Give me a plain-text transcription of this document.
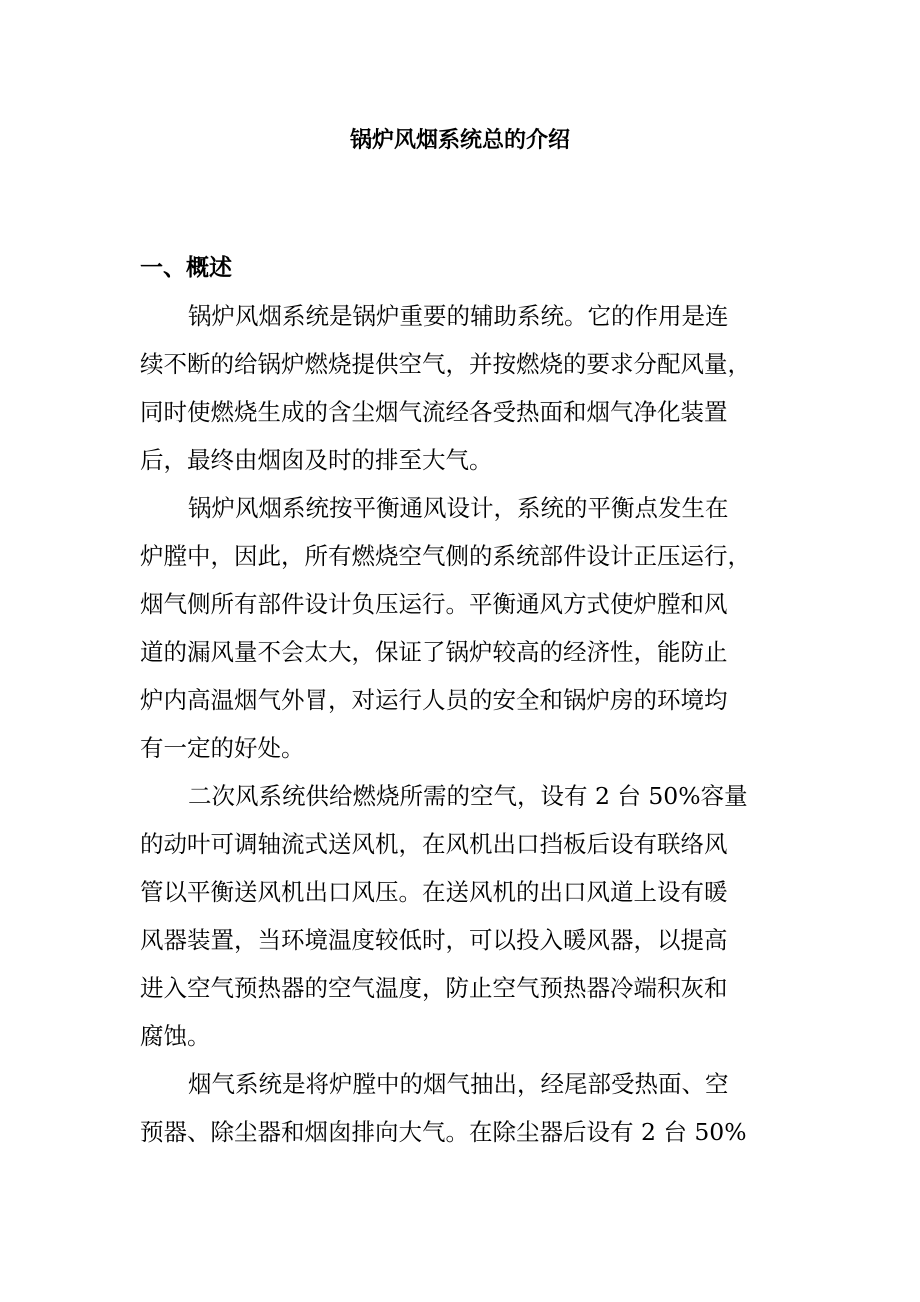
锅炉风烟系统总的介绍
一、概述
锅炉风烟系统是锅炉重要的辅助系统。它的作用是连
续不断的给锅炉燃烧提供空气，并按燃烧的要求分配风量，
同时使燃烧生成的含尘烟气流经各受热面和烟气净化装置
后，最终由烟囱及时的排至大气。
锅炉风烟系统按平衡通风设计，系统的平衡点发生在
炉膛中，因此，所有燃烧空气侧的系统部件设计正压运行，
烟气侧所有部件设计负压运行。平衡通风方式使炉膛和风
道的漏风量不会太大，保证了锅炉较高的经济性，能防止
炉内高温烟气外冒，对运行人员的安全和锅炉房的环境均
有一定的好处。
二次风系统供给燃烧所需的空气，设有 2 台 50%容量
的动叶可调轴流式送风机，在风机出口挡板后设有联络风
管以平衡送风机出口风压。在送风机的出口风道上设有暖
风器装置，当环境温度较低时，可以投入暖风器，以提高
进入空气预热器的空气温度，防止空气预热器冷端积灰和
腐蚀。
烟气系统是将炉膛中的烟气抽出，经尾部受热面、空
预器、除尘器和烟囱排向大气。在除尘器后设有 2 台 50%
